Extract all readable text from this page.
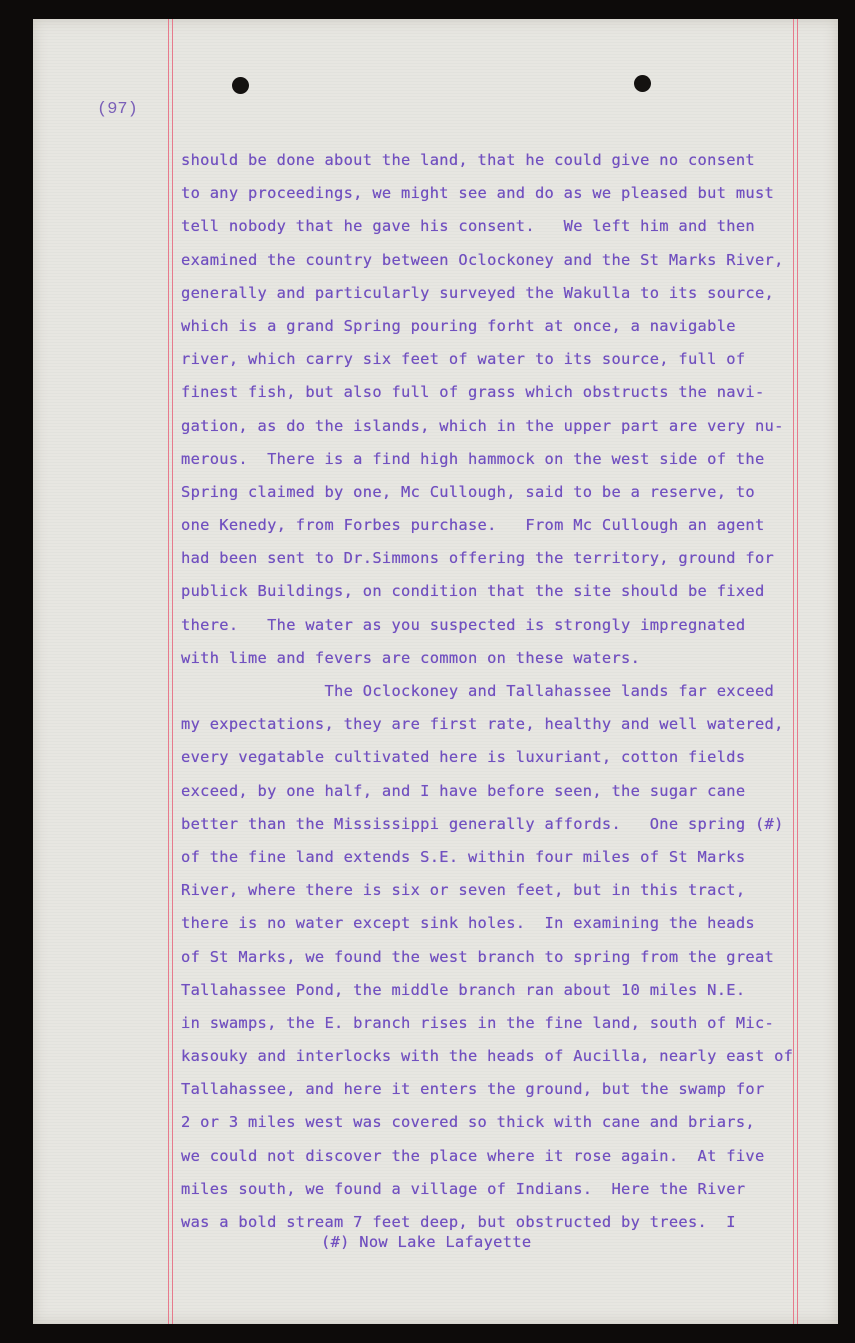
(97)
should be done about the land, that he could give no consent
to any proceedings, we might see and do as we pleased but must
tell nobody that he gave his consent.   We left him and then
examined the country between Oclockoney and the St Marks River,
generally and particularly surveyed the Wakulla to its source,
which is a grand Spring pouring forht at once, a navigable
river, which carry six feet of water to its source, full of
finest fish, but also full of grass which obstructs the navi-
gation, as do the islands, which in the upper part are very nu-
merous.  There is a find high hammock on the west side of the
Spring claimed by one, Mc Cullough, said to be a reserve, to
one Kenedy, from Forbes purchase.   From Mc Cullough an agent
had been sent to Dr.Simmons offering the territory, ground for
publick Buildings, on condition that the site should be fixed
there.   The water as you suspected is strongly impregnated
with lime and fevers are common on these waters.
The Oclockoney and Tallahassee lands far exceed
my expectations, they are first rate, healthy and well watered,
every vegatable cultivated here is luxuriant, cotton fields
exceed, by one half, and I have before seen, the sugar cane
better than the Mississippi generally affords.   One spring (#)
of the fine land extends S.E. within four miles of St Marks
River, where there is six or seven feet, but in this tract,
there is no water except sink holes.  In examining the heads
of St Marks, we found the west branch to spring from the great
Tallahassee Pond, the middle branch ran about 10 miles N.E.
in swamps, the E. branch rises in the fine land, south of Mic-
kasouky and interlocks with the heads of Aucilla, nearly east of
Tallahassee, and here it enters the ground, but the swamp for
2 or 3 miles west was covered so thick with cane and briars,
we could not discover the place where it rose again.  At five
miles south, we found a village of Indians.  Here the River
was a bold stream 7 feet deep, but obstructed by trees.  I
(#) Now Lake Lafayette
